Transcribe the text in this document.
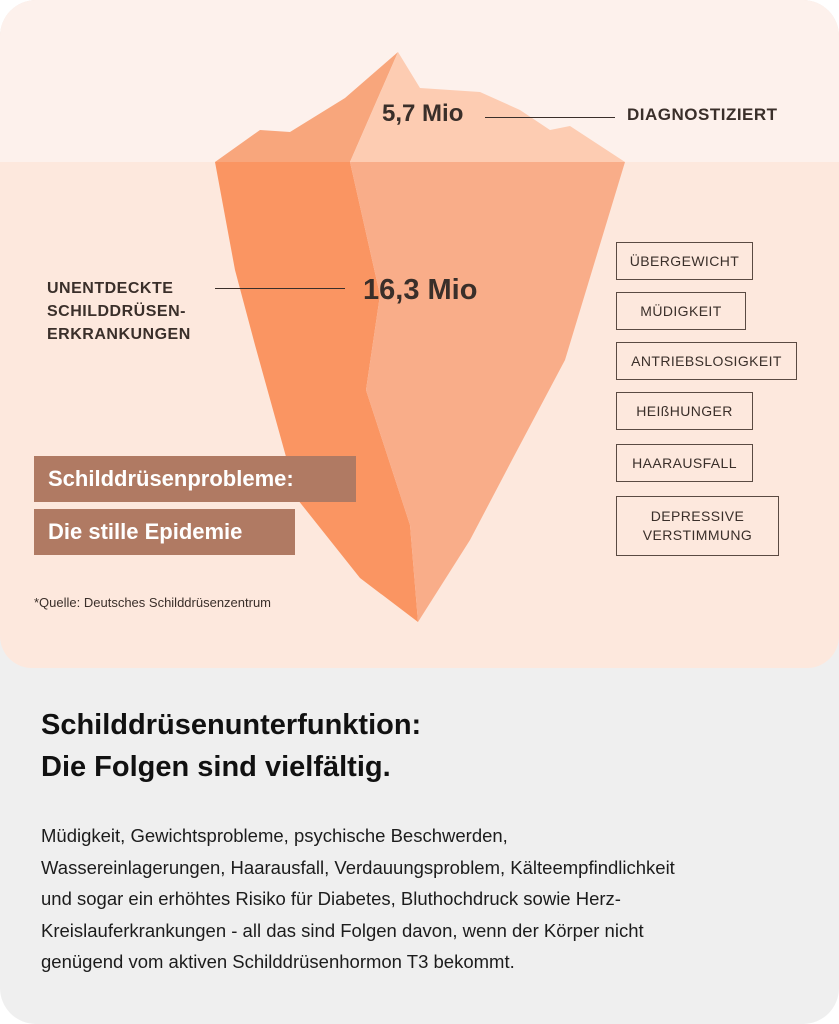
5,7 Mio	DIAGNOSTIZIERT
16,3 Mio
UNENTDECKTE
SCHILDDRÜSEN-
ERKRANKUNGEN
ÜBERGEWICHT
MÜDIGKEIT
ANTRIEBSLOSIGKEIT
HEIßHUNGER
HAARAUSFALL
DEPRESSIVE VERSTIMMUNG
Schilddrüsenprobleme:
Die stille Epidemie
*Quelle: Deutsches Schilddrüsenzentrum
Schilddrüsenunterfunktion:
Die Folgen sind vielfältig.
Müdigkeit, Gewichtsprobleme, psychische Beschwerden,
Wassereinlagerungen, Haarausfall, Verdauungsproblem, Kälteempfindlichkeit
und sogar ein erhöhtes Risiko für Diabetes, Bluthochdruck sowie Herz-
Kreislauferkrankungen - all das sind Folgen davon, wenn der Körper nicht
genügend vom aktiven Schilddrüsenhormon T3 bekommt.
